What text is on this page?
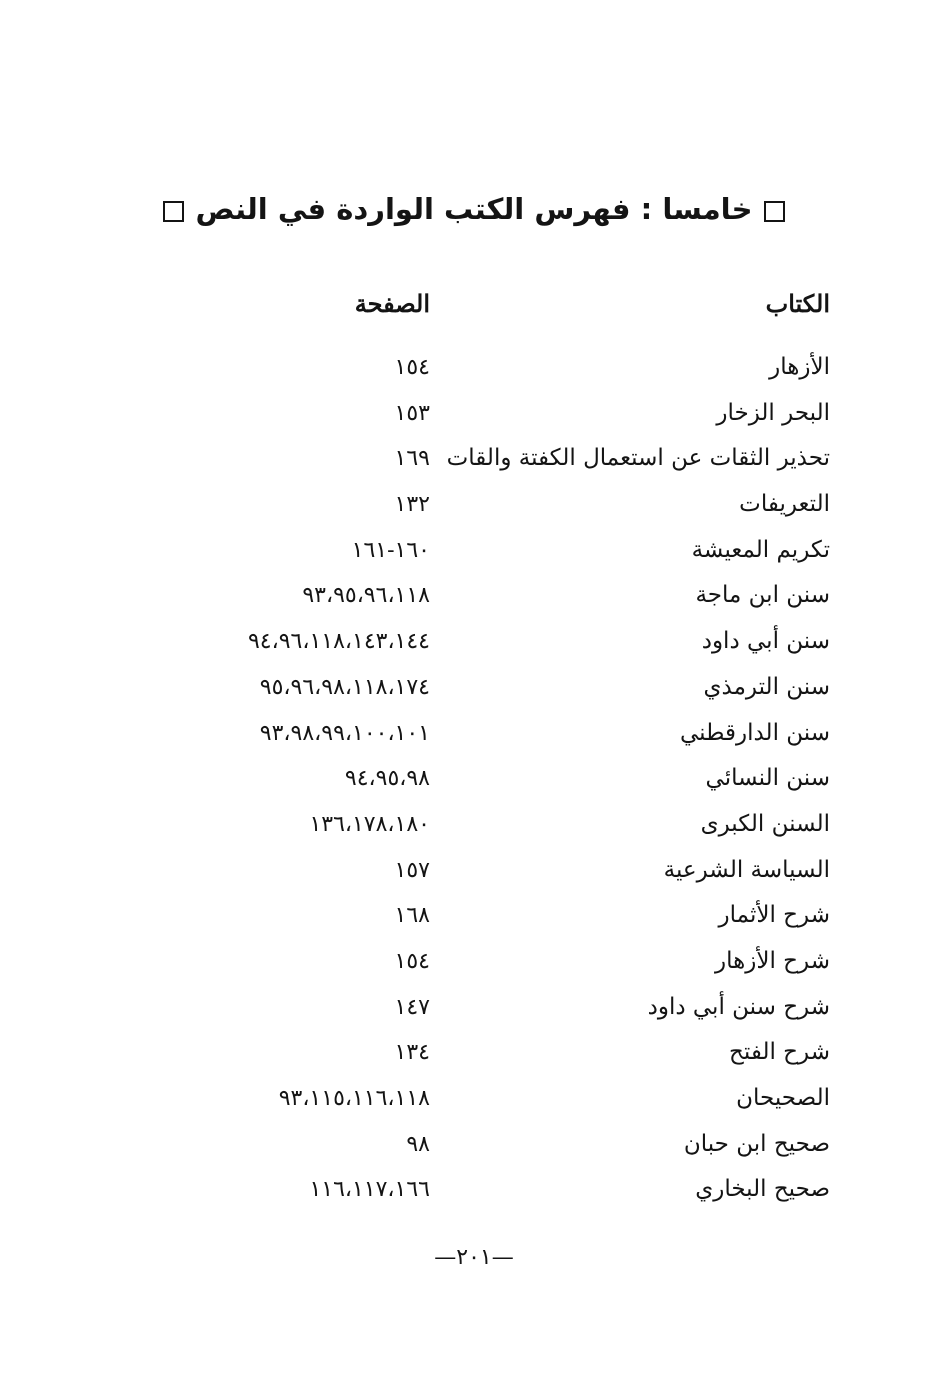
خامسا : فهرس الكتب الواردة في النص
الكتاب
الصفحة
الأزهار
١٥٤
البحر الزخار
١٥٣
تحذير الثقات عن استعمال الكفتة والقات
١٦٩
التعريفات
١٣٢
تكريم المعيشة
١٦٠-١٦١
سنن ابن ماجة
٩٣،٩٥،٩٦،١١٨
سنن أبي داود
٩٤،٩٦،١١٨،١٤٣،١٤٤
سنن الترمذي
٩٥،٩٦،٩٨،١١٨،١٧٤
سنن الدارقطني
٩٣،٩٨،٩٩،١٠٠،١٠١
سنن النسائي
٩٤،٩٥،٩٨
السنن الكبرى
١٣٦،١٧٨،١٨٠
السياسة الشرعية
١٥٧
شرح الأثمار
١٦٨
شرح الأزهار
١٥٤
شرح سنن أبي داود
١٤٧
شرح الفتح
١٣٤
الصحيحان
٩٣،١١٥،١١٦،١١٨
صحيح ابن حبان
٩٨
صحيح البخاري
١١٦،١١٧،١٦٦
—٢٠١—
